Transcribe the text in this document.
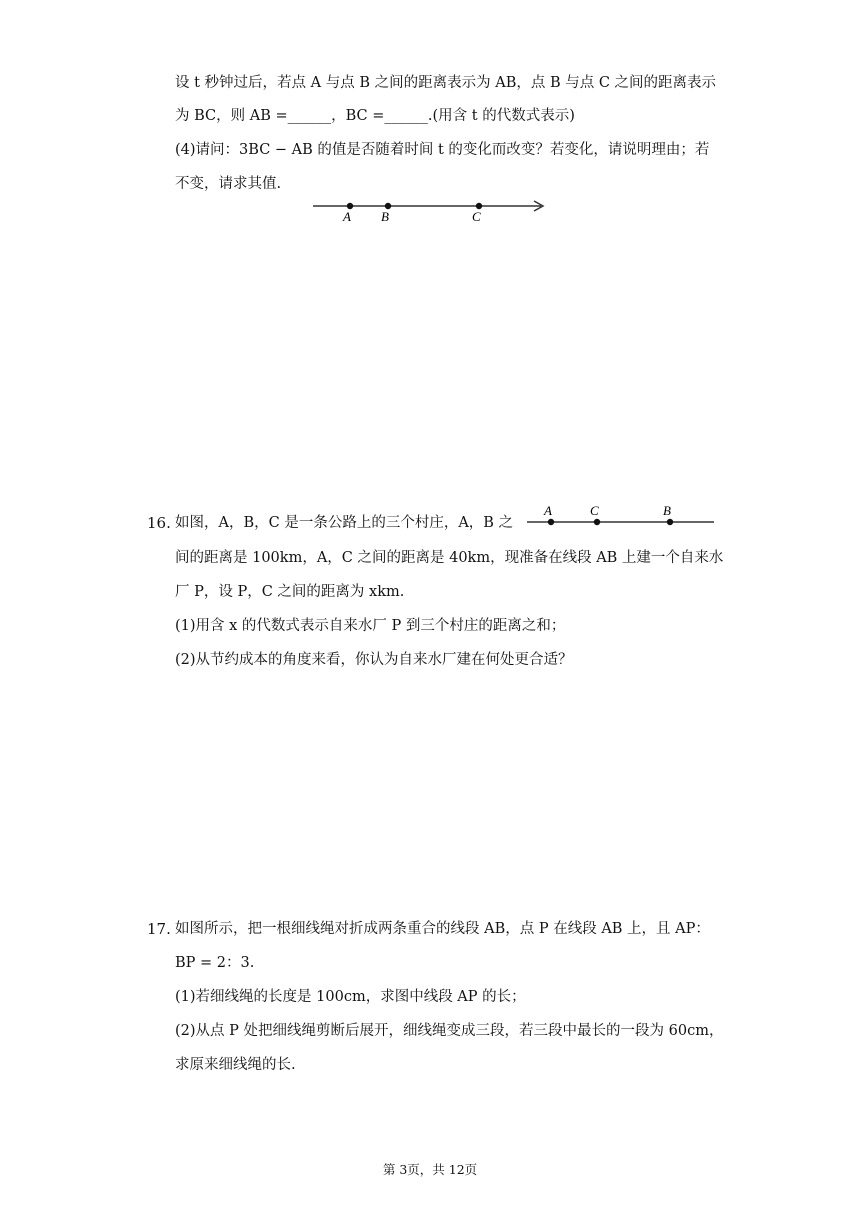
设 t 秒钟过后，若点 A 与点 B 之间的距离表示为 AB，点 B 与点 C 之间的距离表示
为 BC，则 AB =______，BC =______.(用含 t 的代数式表示)
(4)请问：3BC − AB 的值是否随着时间 t 的变化而改变？若变化，请说明理由；若
不变，请求其值.
A B	C
16. 如图，A，B，C 是一条公路上的三个村庄，A，B 之
A	C	B
间的距离是 100km，A，C 之间的距离是 40km，现准备在线段 AB 上建一个自来水
厂 P，设 P，C 之间的距离为 xkm.
(1)用含 x 的代数式表示自来水厂 P 到三个村庄的距离之和；
(2)从节约成本的角度来看，你认为自来水厂建在何处更合适？
17. 如图所示，把一根细线绳对折成两条重合的线段 AB，点 P 在线段 AB 上，且 AP：
BP = 2：3.
(1)若细线绳的长度是 100cm，求图中线段 AP 的长；
(2)从点 P 处把细线绳剪断后展开，细线绳变成三段，若三段中最长的一段为 60cm，
求原来细线绳的长.
第 3页，共 12页
